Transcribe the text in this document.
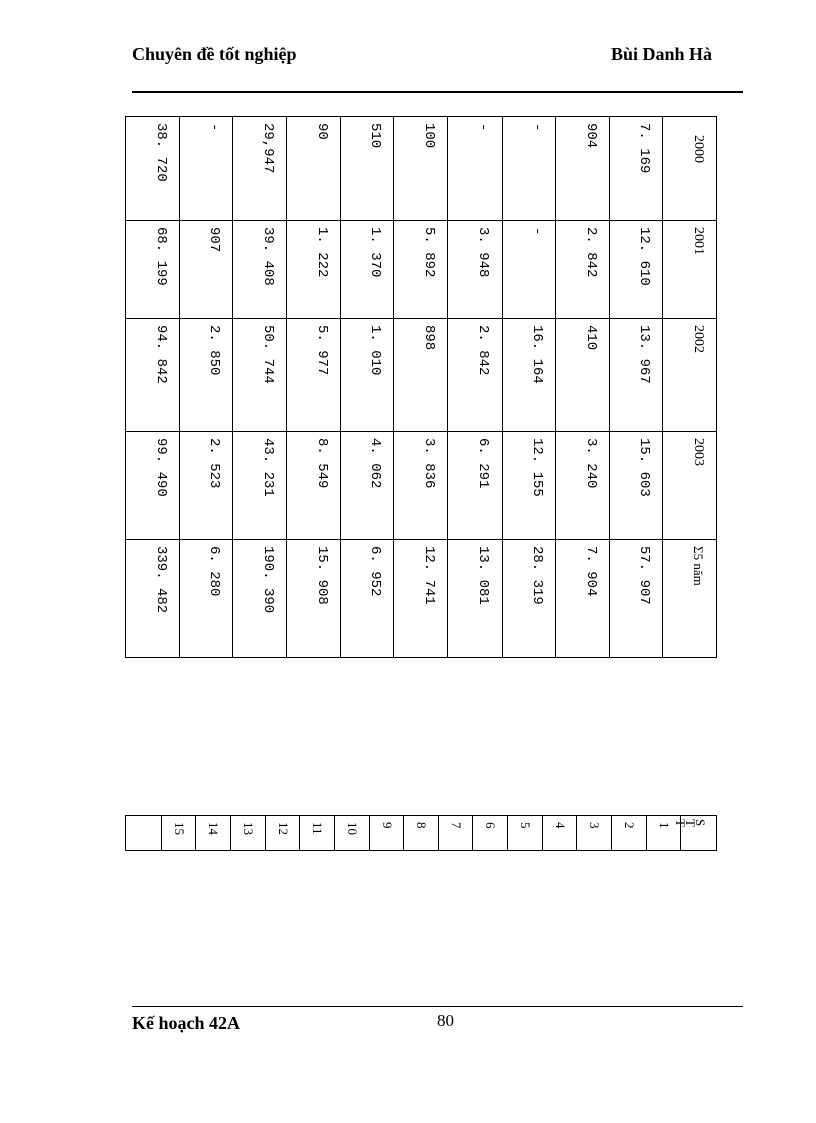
Chuyên đề tốt nghiệp	Bùi Danh Hà
38. 720	-	29,947	90	510	100	-	-	904	7. 169	2000

68. 199	907	39. 408	1. 222	1. 370	5. 892	3. 948	-	2. 842	12. 610	2001

94. 842	2. 850	50. 744	5. 977	1. 010	898	2. 842	16. 164	410	13. 967	2002

99. 490	2. 523	43. 231	8. 549	4. 062	3. 836	6. 291	12. 155	3. 240	15. 603	2003

339. 482	6. 280	190. 390	15. 908	6. 952	12. 741	13. 081	28. 319	7. 904	57. 907	Σ5 năm

15	14	13	12	11	10	9	8	7	6	5	4	3	2	1	STT
Kế hoạch 42A	80
